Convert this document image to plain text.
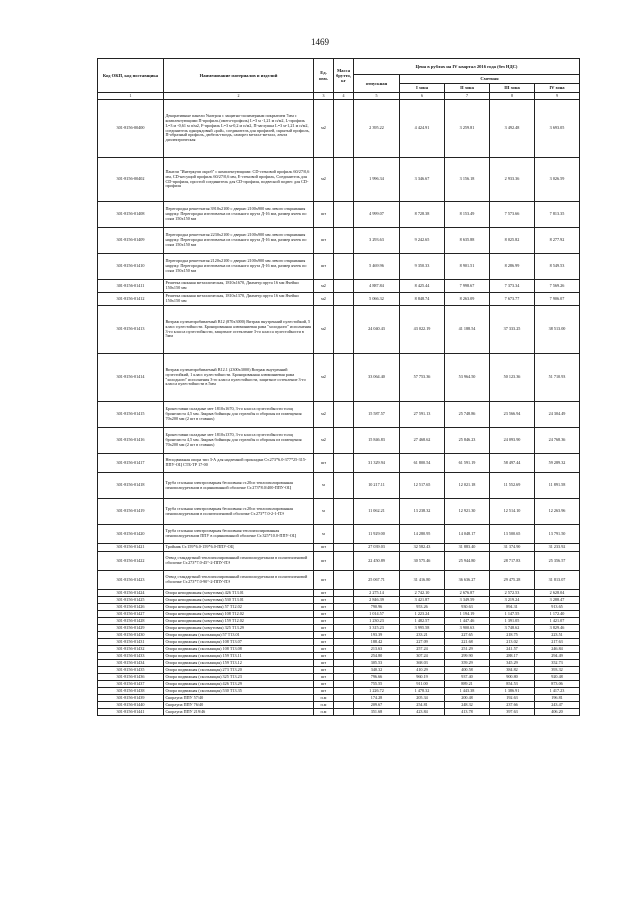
1469
Код ОКП, код поставщика	Наименование материалов и изделий	Ед. изм.	Масса брутто, кг	Цена в рублях на IV квартал 2016 года (без НДС)				
				отпускная	Сметная			
					I зона	II зона	III зона	IV зона
1	2	3	4	5	6	7	8	9
301-8156-00400	Декоративные панели Унитрон с защитно-полимерным покрытием 7мм с комплектующими П-профиль (омега-профиль) L=3 м -1,21 м п/м2, L-профиль L=3 м -0,61 м п/м2, F-профиль L=3 м-0,2 м п/м2, П-заглушка L=3 м-1,21 м п/м2, соединитель однорядовый «рай», соединитель для профилей, скрытый профиль, П-образный профиль, дюбель-гвоздь, саморез металл-металл, лента диэлектрическая	м2		2 395.22	4 424.91	3 259.81	3 492.48	3 693.05
301-8156-00402	Панели "Интеркупп окроб" с комплектующими: СD-стеновой профиль 60/27/0,6 мм, СD-несущий профиль 60/27/0,6 мм, Е-стеновой профиль, Соединитель для СD-профиля, простой соединитель для СD-профиля, подвесной подвес для СD-профиля	м2		1 996.34	3 346.67	3 156.18	2 933.36	3 026.59
301-8156-01408	Перегородка решетчатая 3910х2100 с дверью 2100х900 мм левого открывания наружу. Перегородка изготовлена из стального прута Д-16 мм, размер ячеек по осям 150х150 мм	шт		4 999.07	8 728.38	8 153.49	7 573.66	7 813.35
301-8156-01409	Перегородка решетчатая 2230х2100 с дверью 2100х900 мм левого открывания наружу. Перегородка изготовлена из стального прута Д-16 мм, размер ячеек по осям 150х150 мм	шт		3 293.63	9 242.65	8 635.88	8 025.82	8 277.92
301-8156-01410	Перегородка решетчатая 2120х2100 с дверью 2100х900 мм левого открывания наружу. Перегородка изготовлена из стального прута Д-16 мм, размер ячеек по осям 150х150 мм	шт		5 469.96	9 350.33	8 901.51	8 286.99	8 549.53
301-8156-01411	Решетка оконная металлическая, 1810х1670, Диаметр прута 16 мм Ячейки 150х150 мм	м2		4 887.84	8 425.44	7 998.67	7 373.34	7 569.26
301-8156-01412	Решетка оконная металлическая, 1810х1370, Диаметр прута 16 мм Ячейки 150х150 мм	м2		5 066.32	8 848.74	8 263.09	7 673.77	7 906.07
301-8156-01413	Витраж пуленепробиваемый В12 (870х3000) Витраж внутренний пулестойкий, 5 класс пулестойкости. Бронированная алюминиевая рама "холодного" исполнения 3-го класса пулестойкости, защитное остекление 3-го класса пулестойкости в 5мм	м2		24 040.43	43 022.19	41 188.54	37 333.25	38 513.00
301-8156-01414	Витраж пуленепробиваемый В12.1 (2300х3000) Витраж внутренний пулестойкий, 1 класс пулестойкости. Бронированная алюминиевая рама "холодного" исполнения 3-го класса пулестойкости, защитное остекление 3-го класса пулестойкости в 5мм	м2		33 064.40	57 753.36	53 964.50	50 123.36	51 710.93
301-8156-01415	Бронеставни складные мет 1810х1670, 3-го класса пулестойкости толщ бронелиста 4,5 мм. Закрыв бойницы для стрельбы и обороны из помещения 70х200 мм (2 шт в ставнях)	м2		15 587.57	27 591.13	25 748.86	23 566.94	24 304.49
301-8156-01416	Бронеставни складные мет 1810х1370, 3-го класса пулестойкости толщ бронелиста 4,5 мм. Закрыв бойницы для стрельбы и обороны из помещения 70х200 мм (2 шт в ставнях)	м2		15 846.83	27 468.62	25 846.23	24 093.90	24 768.36
301-8156-01417	Неподвижная опора тип 3-А для надземной прокладки Ст.273*6.0-377*25-315-ППУ-ОЦ СТБ-ТР 17-00	шт		31 329.94	61 800.54	61 591.19	58 497.44	59 289.32
301-8156-01418	Труба стальная электросварная бесшовная ст.20сп теплоизолированная пенополиуретаном в оцинкованной оболочке Ст.273*8.0/400-ППУ-ОЦ	м		10 217.11	12 517.65	12 021.18	11 552.69	11 891.58
301-8156-01419	Труба стальная электросварная бесшовная ст.20сп теплоизолированная пенополиуретаном в полиэтиленовой оболочке Ст.273*7.0-2-1-ПЭ	м		11 062.21	13 238.32	12 921.30	12 514.10	12 263.96
301-8156-01420	Труба стальная электросварная бесшовная теплоизолированная пенополиуретаном ППУ в оцинкованной оболочке Ст.325*10.0-ППУ-ОЦ	м		11 929.00	14 280.95	14 048.17	13 500.65	13 791.50
301-8156-01421	Тройник Ст.159*6.0-159*6.0-ППУ-ОЦ	шт		27 039.03	32 582.43	31 883.40	31 374.90	31 233.92
301-8156-01422	Отвод стандартный теплоизолированный пенополиуретаном в полиэтиленовой оболочке Ст.273*7.0-45°-2-ППУ-ПЭ	шт		22 450.89	30 575.46	25 944.80	28 717.83	25 356.57
301-8156-01423	Отвод стандартный теплоизолированный пенополиуретаном в полиэтиленовой оболочке Ст.273*7.0-90°-2-ППУ-ПЭ	шт		25 067.71	31 416.80	36 636.27	29 475.28	31 813.07
301-8156-01424	Опора неподвижная (хомутовая) 426 Т13.01	шт		2 275.14	2 742.10	2 676.87	2 572.53	2 628.04
301-8156-01425	Опора неподвижная (хомутовая) 530 Т13.01	шт		2 846.39	3 421.87	3 349.59	3 219.24	3 288.47
301-8156-01426	Опора неподвижная (хомутовая) 57 Т12.02	шт		790.96	953.26	930.63	894.31	913.65
301-8156-01427	Опора неподвижная (хомутовая) 108 Т12.02	шт		1 014.57	1 223.24	1 194.19	1 147.55	1 172.40
301-8156-01428	Опора неподвижная (хомутовая) 159 Т12.02	шт		1 230.23	1 482.57	1 447.46	1 391.05	1 421.07
301-8156-01429	Опора неподвижная (хомутовая) 325 Т13.29	шт		3 315.23	3 995.58	3 900.63	3 748.62	3 829.46
301-8156-01430	Опора подвижная (скользящая) 57 Т13.01	шт		193.39	233.21	227.65	218.75	223.51
301-8156-01431	Опора подвижная (скользящая) 108 Т13.07	шт		188.42	227.09	221.68	213.02	217.63
301-8156-01432	Опора подвижная (скользящая) 108 Т13.08	шт		213.63	257.24	251.29	241.57	246.84
301-8156-01433	Опора подвижная (скользящая) 159 Т13.11	шт		254.80	307.24	299.90	288.17	294.49
301-8156-01434	Опора подвижная (скользящая) 159 Т13.12	шт		305.53	368.03	359.29	345.29	352.73
301-8156-01435	Опора подвижная (скользящая) 273 Т13.20	шт		340.32	410.29	400.58	384.82	393.32
301-8156-01436	Опора подвижная (скользящая) 325 Т13.23	шт		796.66	960.19	937.40	900.80	920.48
301-8156-01437	Опора подвижная (скользящая) 426 Т13.29	шт		755.55	911.00	889.21	854.53	873.06
301-8156-01438	Опора подвижная (скользящая) 530 Т13.35	шт		1 226.72	1 478.32	1 443.38	1 386.91	1 417.23
301-8156-01439	Скорлупа ППУ 57/40	п.м		174.28	205.34	200.48	192.63	196.81
301-8156-01440	Скорлупа ППУ 76/40	п.м		209.67	254.81	248.32	237.66	243.47
301-8156-01441	Скорлупа ППУ 219/46	п.м		351.68	423.84	413.78	397.63	406.20
